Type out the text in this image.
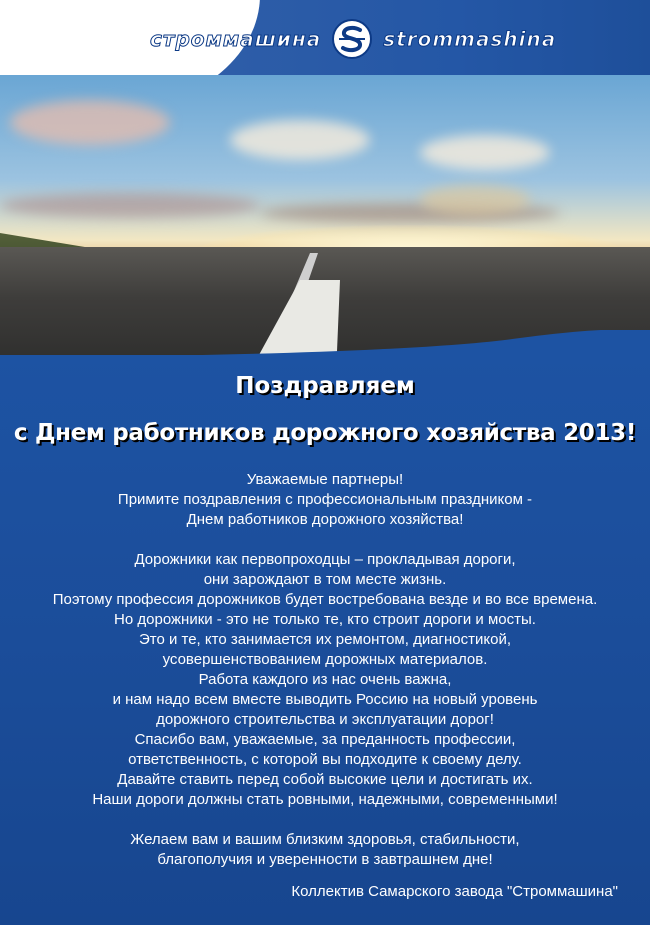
строммашина	strommashina
Поздравляем
с Днем работников дорожного хозяйства 2013!
Уважаемые партнеры!
Примите поздравления с профессиональным праздником -
Днем работников дорожного хозяйства!
Дорожники как первопроходцы – прокладывая дороги,
они зарождают в том месте жизнь.
Поэтому профессия дорожников будет востребована везде и во все времена.
Но дорожники - это не только те, кто строит дороги и мосты.
Это и те, кто занимается их ремонтом, диагностикой,
усовершенствованием дорожных материалов.
Работа каждого из нас очень важна,
и нам надо всем вместе выводить Россию на новый уровень
дорожного строительства и эксплуатации дорог!
Спасибо вам, уважаемые, за преданность профессии,
ответственность, с которой вы подходите к своему делу.
Давайте ставить перед собой высокие цели и достигать их.
Наши дороги должны стать ровными, надежными, современными!
Желаем вам и вашим близким здоровья, стабильности,
благополучия и уверенности в завтрашнем дне!
Коллектив Самарского завода "Строммашина"
